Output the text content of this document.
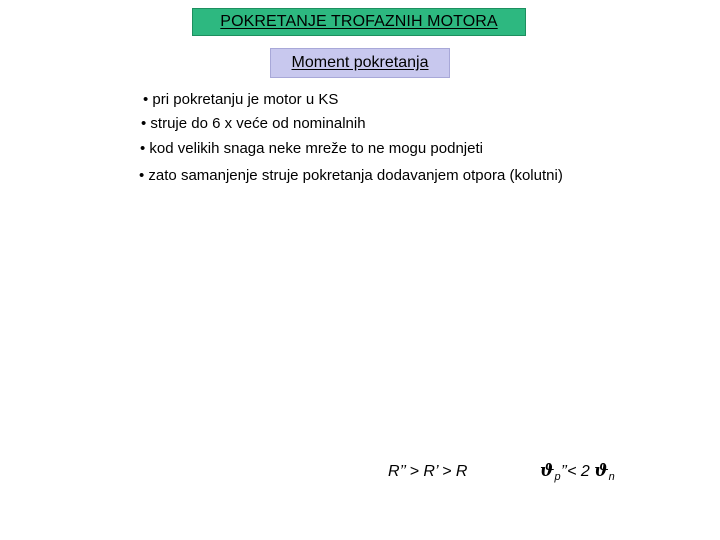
POKRETANJE TROFAZNIH MOTORA
Moment pokretanja
• pri pokretanju je motor u KS
• struje do 6 x veće od nominalnih
• kod velikih snaga neke mreže to ne mogu podnjeti
• zato samanjenje struje pokretanja dodavanjem otpora (kolutni)
R’’ > R’ > R	$ϑ_p’’< 2$ $ϑ_n$
